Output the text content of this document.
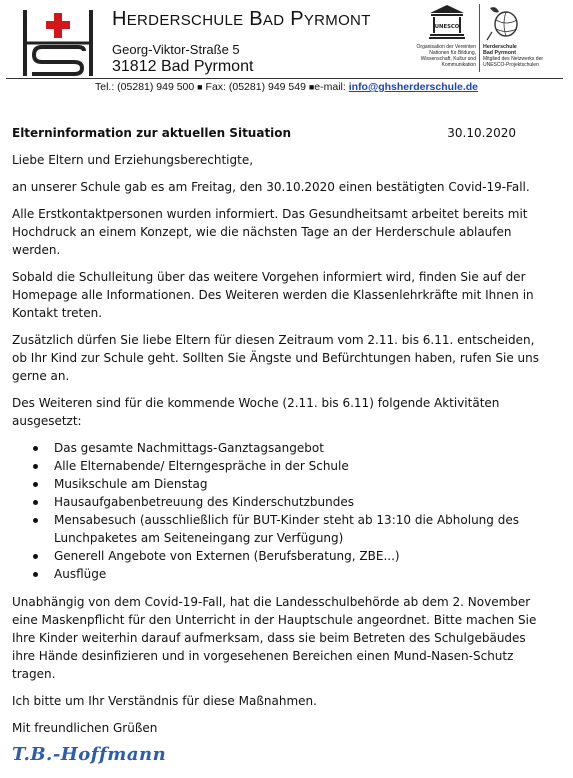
HERDERSCHULE BAD PYRMONT
Georg-Viktor-Straße 5
31812 Bad Pyrmont
UNESCO
Organisation der Vereinten Nationen für Bildung, Wissenschaft, Kultur und Kommunikation
Herderschule
Bad Pyrmont
Mitglied des Netzwerks der UNESCO-Projektschulen
Tel.: (05281) 949 500 ■ Fax: (05281) 949 549 ■e-mail: info@ghsherderschule.de
Elterninformation zur aktuellen Situation	30.10.2020

Liebe Eltern und Erziehungsberechtigte,

an unserer Schule gab es am Freitag, den 30.10.2020 einen bestätigten Covid-19-Fall.

Alle Erstkontaktpersonen wurden informiert. Das Gesundheitsamt arbeitet bereits mit Hochdruck an einem Konzept, wie die nächsten Tage an der Herderschule ablaufen werden.

Sobald die Schulleitung über das weitere Vorgehen informiert wird, finden Sie auf der Homepage alle Informationen. Des Weiteren werden die Klassenlehrkräfte mit Ihnen in Kontakt treten.

Zusätzlich dürfen Sie liebe Eltern für diesen Zeitraum vom 2.11. bis 6.11. entscheiden, ob Ihr Kind zur Schule geht. Sollten Sie Ängste und Befürchtungen haben, rufen Sie uns gerne an.

Des Weiteren sind für die kommende Woche (2.11. bis 6.11) folgende Aktivitäten ausgesetzt:

Das gesamte Nachmittags-Ganztagsangebot
Alle Elternabende/ Elterngespräche in der Schule
Musikschule am Dienstag
Hausaufgabenbetreuung des Kinderschutzbundes
Mensabesuch (ausschließlich für BUT-Kinder steht ab 13:10 die Abholung des Lunchpaketes am Seiteneingang zur Verfügung)
Generell Angebote von Externen (Berufsberatung, ZBE...)
Ausflüge

Unabhängig von dem Covid-19-Fall, hat die Landesschulbehörde ab dem 2. November eine Maskenpflicht für den Unterricht in der Hauptschule angeordnet. Bitte machen Sie Ihre Kinder weiterhin darauf aufmerksam, dass sie beim Betreten des Schulgebäudes ihre Hände desinfizieren und in vorgesehenen Bereichen einen Mund-Nasen-Schutz tragen.

Ich bitte um Ihr Verständnis für diese Maßnahmen.

Mit freundlichen Grüßen

T.B.-Hoffmann
